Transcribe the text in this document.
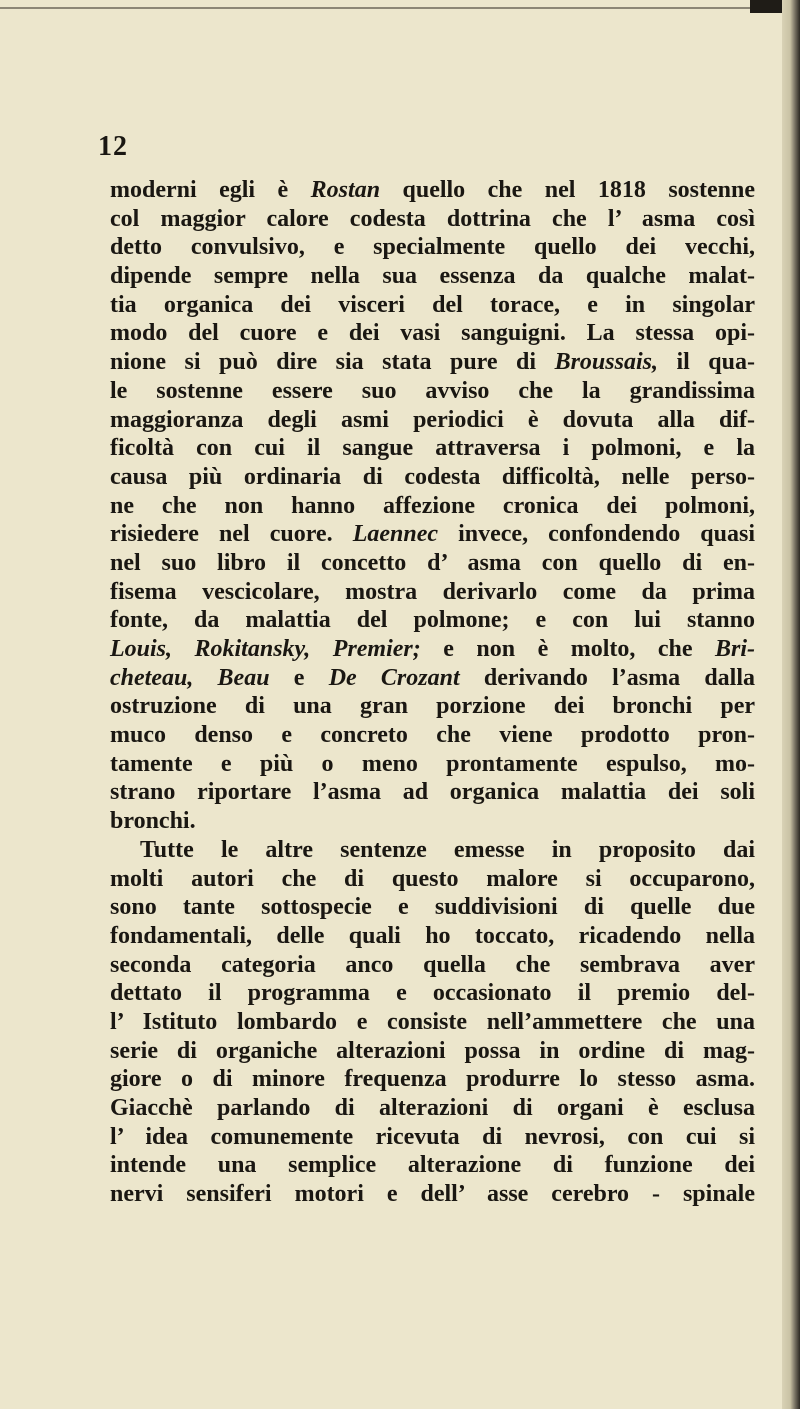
12
moderni egli è Rostan quello che nel 1818 sostenne
col maggior calore codesta dottrina che l’ asma così
detto convulsivo, e specialmente quello dei vecchi,
dipende sempre nella sua essenza da qualche malat-
tia organica dei visceri del torace, e in singolar
modo del cuore e dei vasi sanguigni. La stessa opi-
nione si può dire sia stata pure di Broussais, il qua-
le sostenne essere suo avviso che la grandissima
maggioranza degli asmi periodici è dovuta alla dif-
ficoltà con cui il sangue attraversa i polmoni, e la
causa più ordinaria di codesta difficoltà, nelle perso-
ne che non hanno affezione cronica dei polmoni,
risiedere nel cuore. Laennec invece, confondendo quasi
nel suo libro il concetto d’ asma con quello di en-
fisema vescicolare, mostra derivarlo come da prima
fonte, da malattia del polmone; e con lui stanno
Louis, Rokitansky, Premier; e non è molto, che Bri-
cheteau, Beau e De Crozant derivando l’asma dalla
ostruzione di una gran porzione dei bronchi per
muco denso e concreto che viene prodotto pron-
tamente e più o meno prontamente espulso, mo-
strano riportare l’asma ad organica malattia dei soli
bronchi.
Tutte le altre sentenze emesse in proposito dai
molti autori che di questo malore si occuparono,
sono tante sottospecie e suddivisioni di quelle due
fondamentali, delle quali ho toccato, ricadendo nella
seconda categoria anco quella che sembrava aver
dettato il programma e occasionato il premio del-
l’ Istituto lombardo e consiste nell’ammettere che una
serie di organiche alterazioni possa in ordine di mag-
giore o di minore frequenza produrre lo stesso asma.
Giacchè parlando di alterazioni di organi è esclusa
l’ idea comunemente ricevuta di nevrosi, con cui si
intende una semplice alterazione di funzione dei
nervi sensiferi motori e dell’ asse cerebro - spinale
